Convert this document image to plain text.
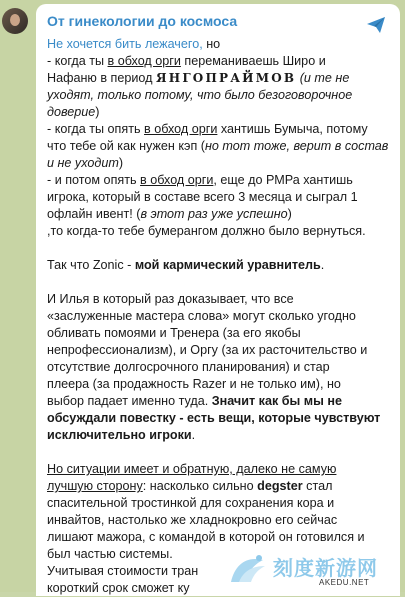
От гинекологии до космоса

Не хочется бить лежачего, но

- когда ты в обход орги переманиваешь Широ и

Нафаню в период ЯНГОПРАЙМОВ (и те не

уходят, только потому, что было безоговорочное

доверие)

- когда ты опять в обход орги хантишь Бумыча, потому

что тебе ой как нужен кэп (но тот тоже, верит в состав

и не уходит)

- и потом опять в обход орги, еще до РМРа хантишь

игрока, который в составе всего 3 месяца и сыграл 1

офлайн ивент! (в этот раз уже успешно)

,то когда-то тебе бумерангом должно было вернуться.

Так что Zonic - мой кармический уравнитель.

И Илья в который раз доказывает, что все

«заслуженные мастера слова» могут сколько угодно

обливать помоями и Тренера (за его якобы

непрофессионализм), и Оргу (за их расточительство и

отсутствие долгосрочного планирования) и стар

плеера (за продажность Razer и не только им), но

выбор падает именно туда. Значит как бы мы не

обсуждали повестку - есть вещи, которые чувствуют

исключительно игроки.

Но ситуации имеет и обратную, далеко не самую

лучшую сторону: насколько сильно degster стал

спасительной тростинкой для сохранения кора и

инвайтов, настолько же хладнокровно его сейчас

лишают мажора, с командой в которой он готовился и

был частью системы.

Учитывая стоимости тран

короткий срок сможет ку

刻度新游网
AKEDU.NET
